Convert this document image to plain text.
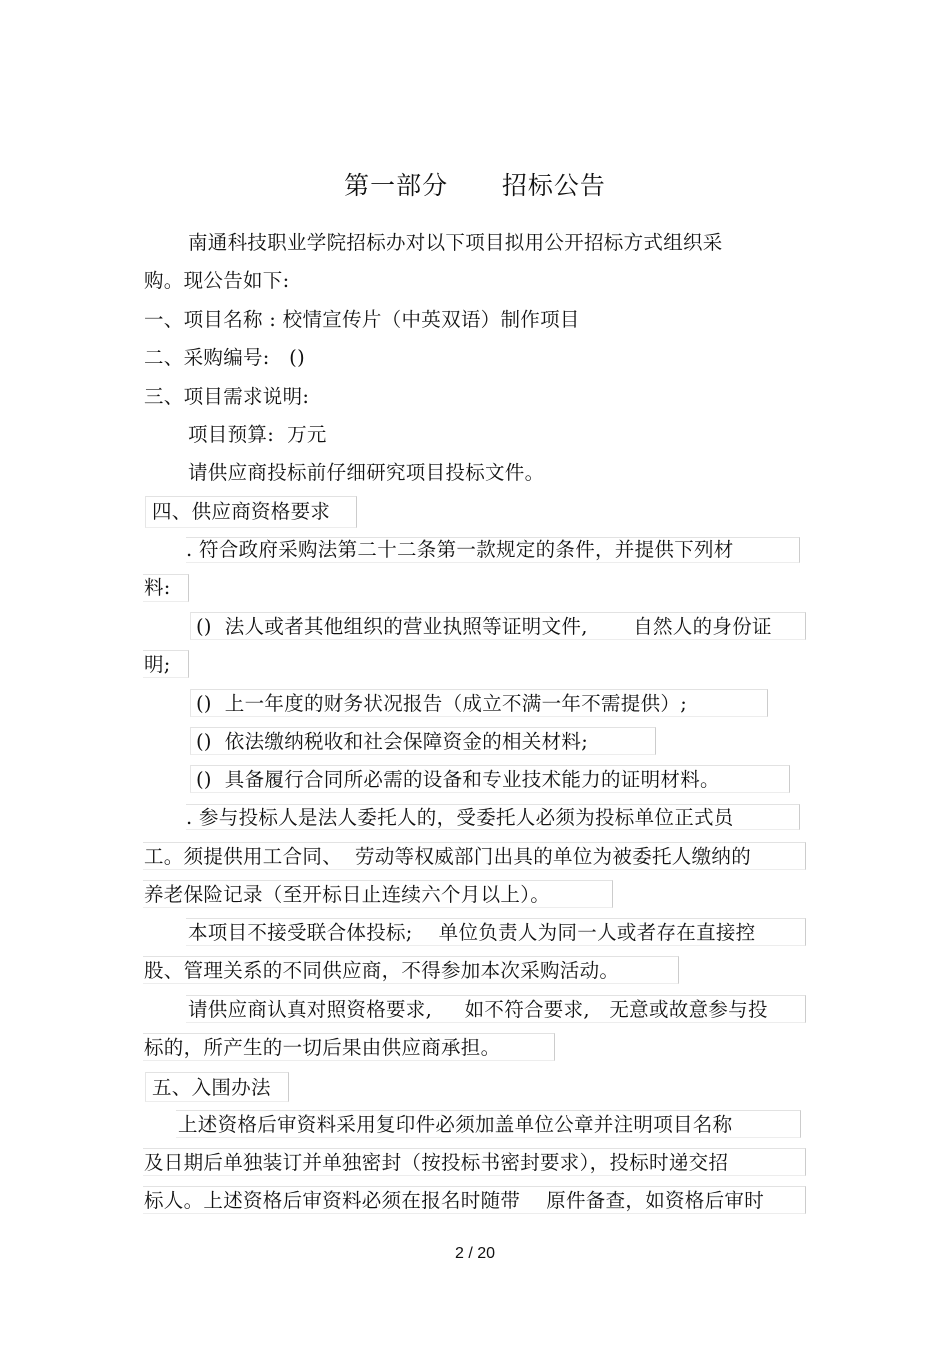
第一部分      招标公告
南通科技职业学院招标办对以下项目拟用公开招标方式组织采
购。现公告如下:
一、项目名称 : 校情宣传片（中英双语）制作项目
二、采购编号:   ()
三、项目需求说明:
项目预算:  万元
请供应商投标前仔细研究项目投标文件。
四、供应商资格要求
. 符合政府采购法第二十二条第一款规定的条件，并提供下列材
料:
()  法人或者其他组织的营业执照等证明文件,       自然人的身份证
明;
()  上一年度的财务状况报告（成立不满一年不需提供）;
()  依法缴纳税收和社会保障资金的相关材料;
()  具备履行合同所必需的设备和专业技术能力的证明材料。
. 参与投标人是法人委托人的，受委托人必须为投标单位正式员
工。须提供用工合同、  劳动等权威部门出具的单位为被委托人缴纳的
养老保险记录（至开标日止连续六个月以上）。
本项目不接受联合体投标;    单位负责人为同一人或者存在直接控
股、管理关系的不同供应商，不得参加本次采购活动。
请供应商认真对照资格要求,     如不符合要求,   无意或故意参与投
标的，所产生的一切后果由供应商承担。
五、入围办法
上述资格后审资料采用复印件必须加盖单位公章并注明项目名称
及日期后单独装订并单独密封（按投标书密封要求），投标时递交招
标人。上述资格后审资料必须在报名时随带    原件备查，如资格后审时
2 / 20
